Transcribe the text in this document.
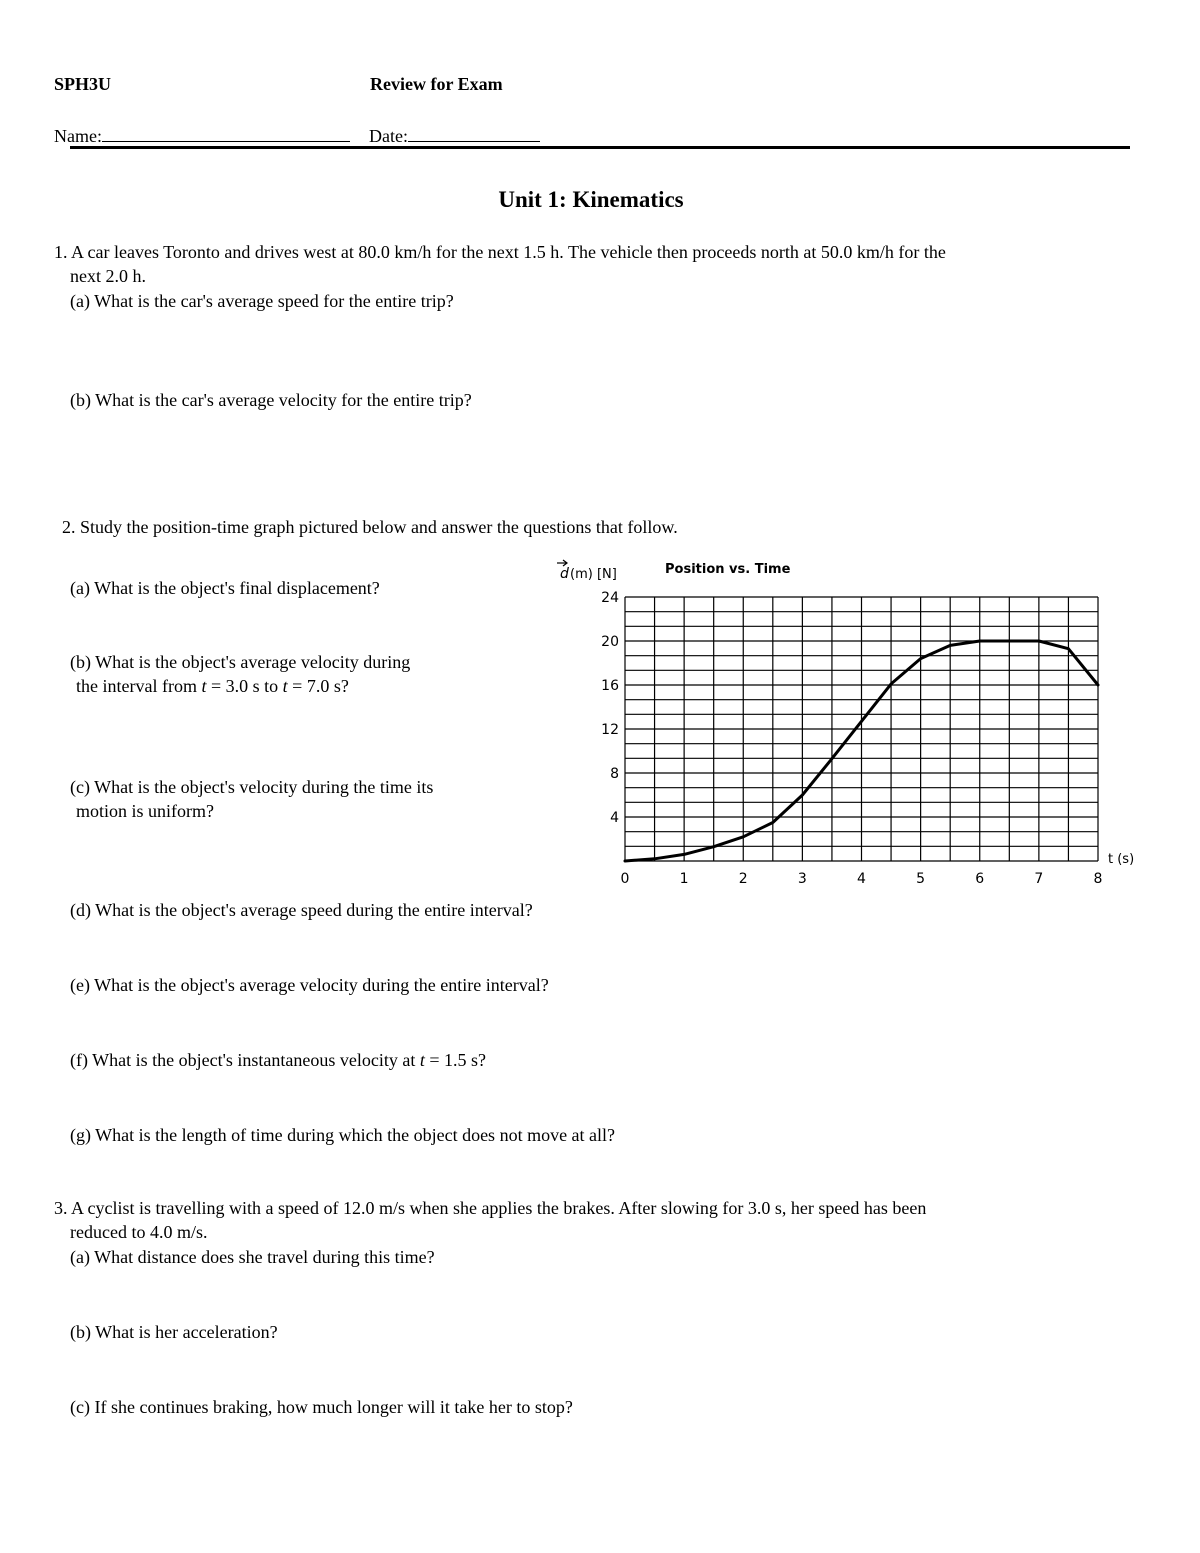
SPH3U	Review for Exam
Name:	Date:
Unit 1: Kinematics
1. A car leaves Toronto and drives west at 80.0 km/h for the next 1.5 h. The vehicle then proceeds north at 50.0 km/h for the
next 2.0 h.
(a) What is the car's average speed for the entire trip?
(b) What is the car's average velocity for the entire trip?
2. Study the position-time graph pictured below and answer the questions that follow.
(a) What is the object's final displacement?
(b) What is the object's average velocity during
the interval from t = 3.0 s to t = 7.0 s?
(c) What is the object's velocity during the time its
motion is uniform?
(d) What is the object's average speed during the entire interval?
(e) What is the object's average velocity during the entire interval?
(f) What is the object's instantaneous velocity at t = 1.5 s?
(g) What is the length of time during which the object does not move at all?
4
8
12
16
20
24
0	1	2	3	4	5	6	7	8
d (m) [N]	Position vs. Time
t (s)
3. A cyclist is travelling with a speed of 12.0 m/s when she applies the brakes. After slowing for 3.0 s, her speed has been
reduced to 4.0 m/s.
(a) What distance does she travel during this time?
(b) What is her acceleration?
(c) If she continues braking, how much longer will it take her to stop?
